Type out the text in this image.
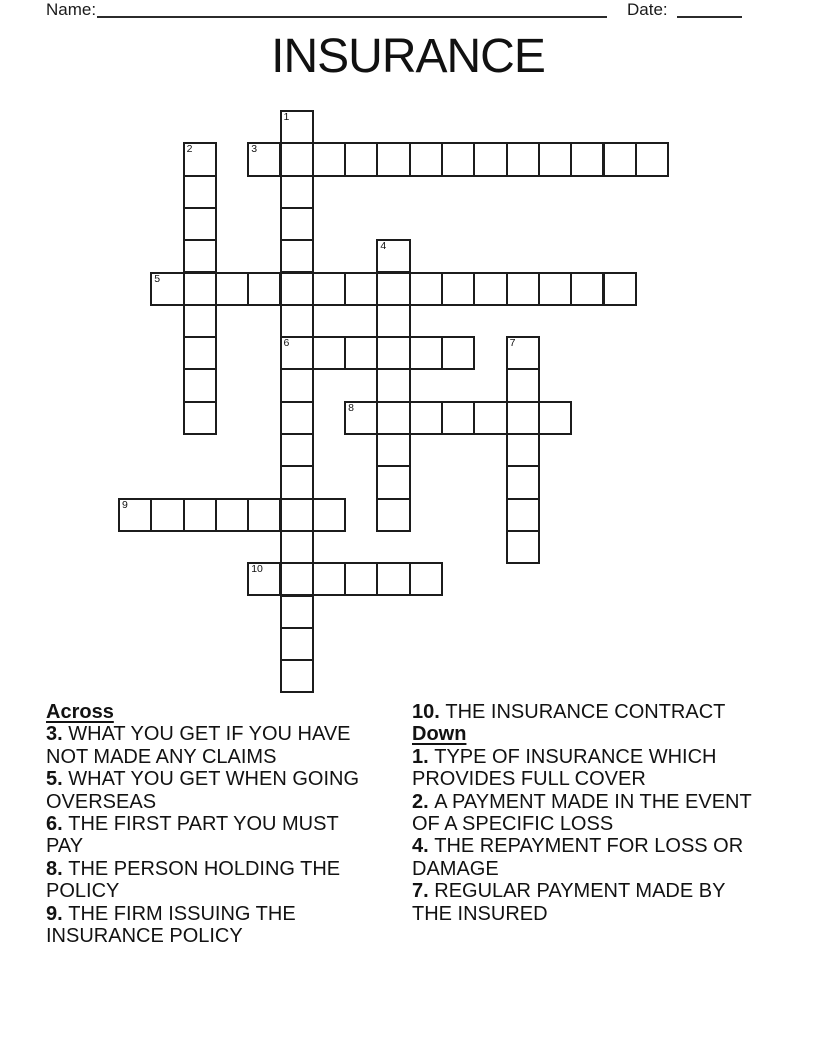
Name:	Date:
INSURANCE
1
6
2	3
4
5
7
8
9
10
Across
3. WHAT YOU GET IF YOU HAVE NOT MADE ANY CLAIMS
5. WHAT YOU GET WHEN GOING OVERSEAS
6. THE FIRST PART YOU MUST PAY
8. THE PERSON HOLDING THE POLICY
9. THE FIRM ISSUING THE INSURANCE POLICY
10. THE INSURANCE CONTRACT
Down
1. TYPE OF INSURANCE WHICH PROVIDES FULL COVER
2. A PAYMENT MADE IN THE EVENT OF A SPECIFIC LOSS
4. THE REPAYMENT FOR LOSS OR DAMAGE
7. REGULAR PAYMENT MADE BY THE INSURED
